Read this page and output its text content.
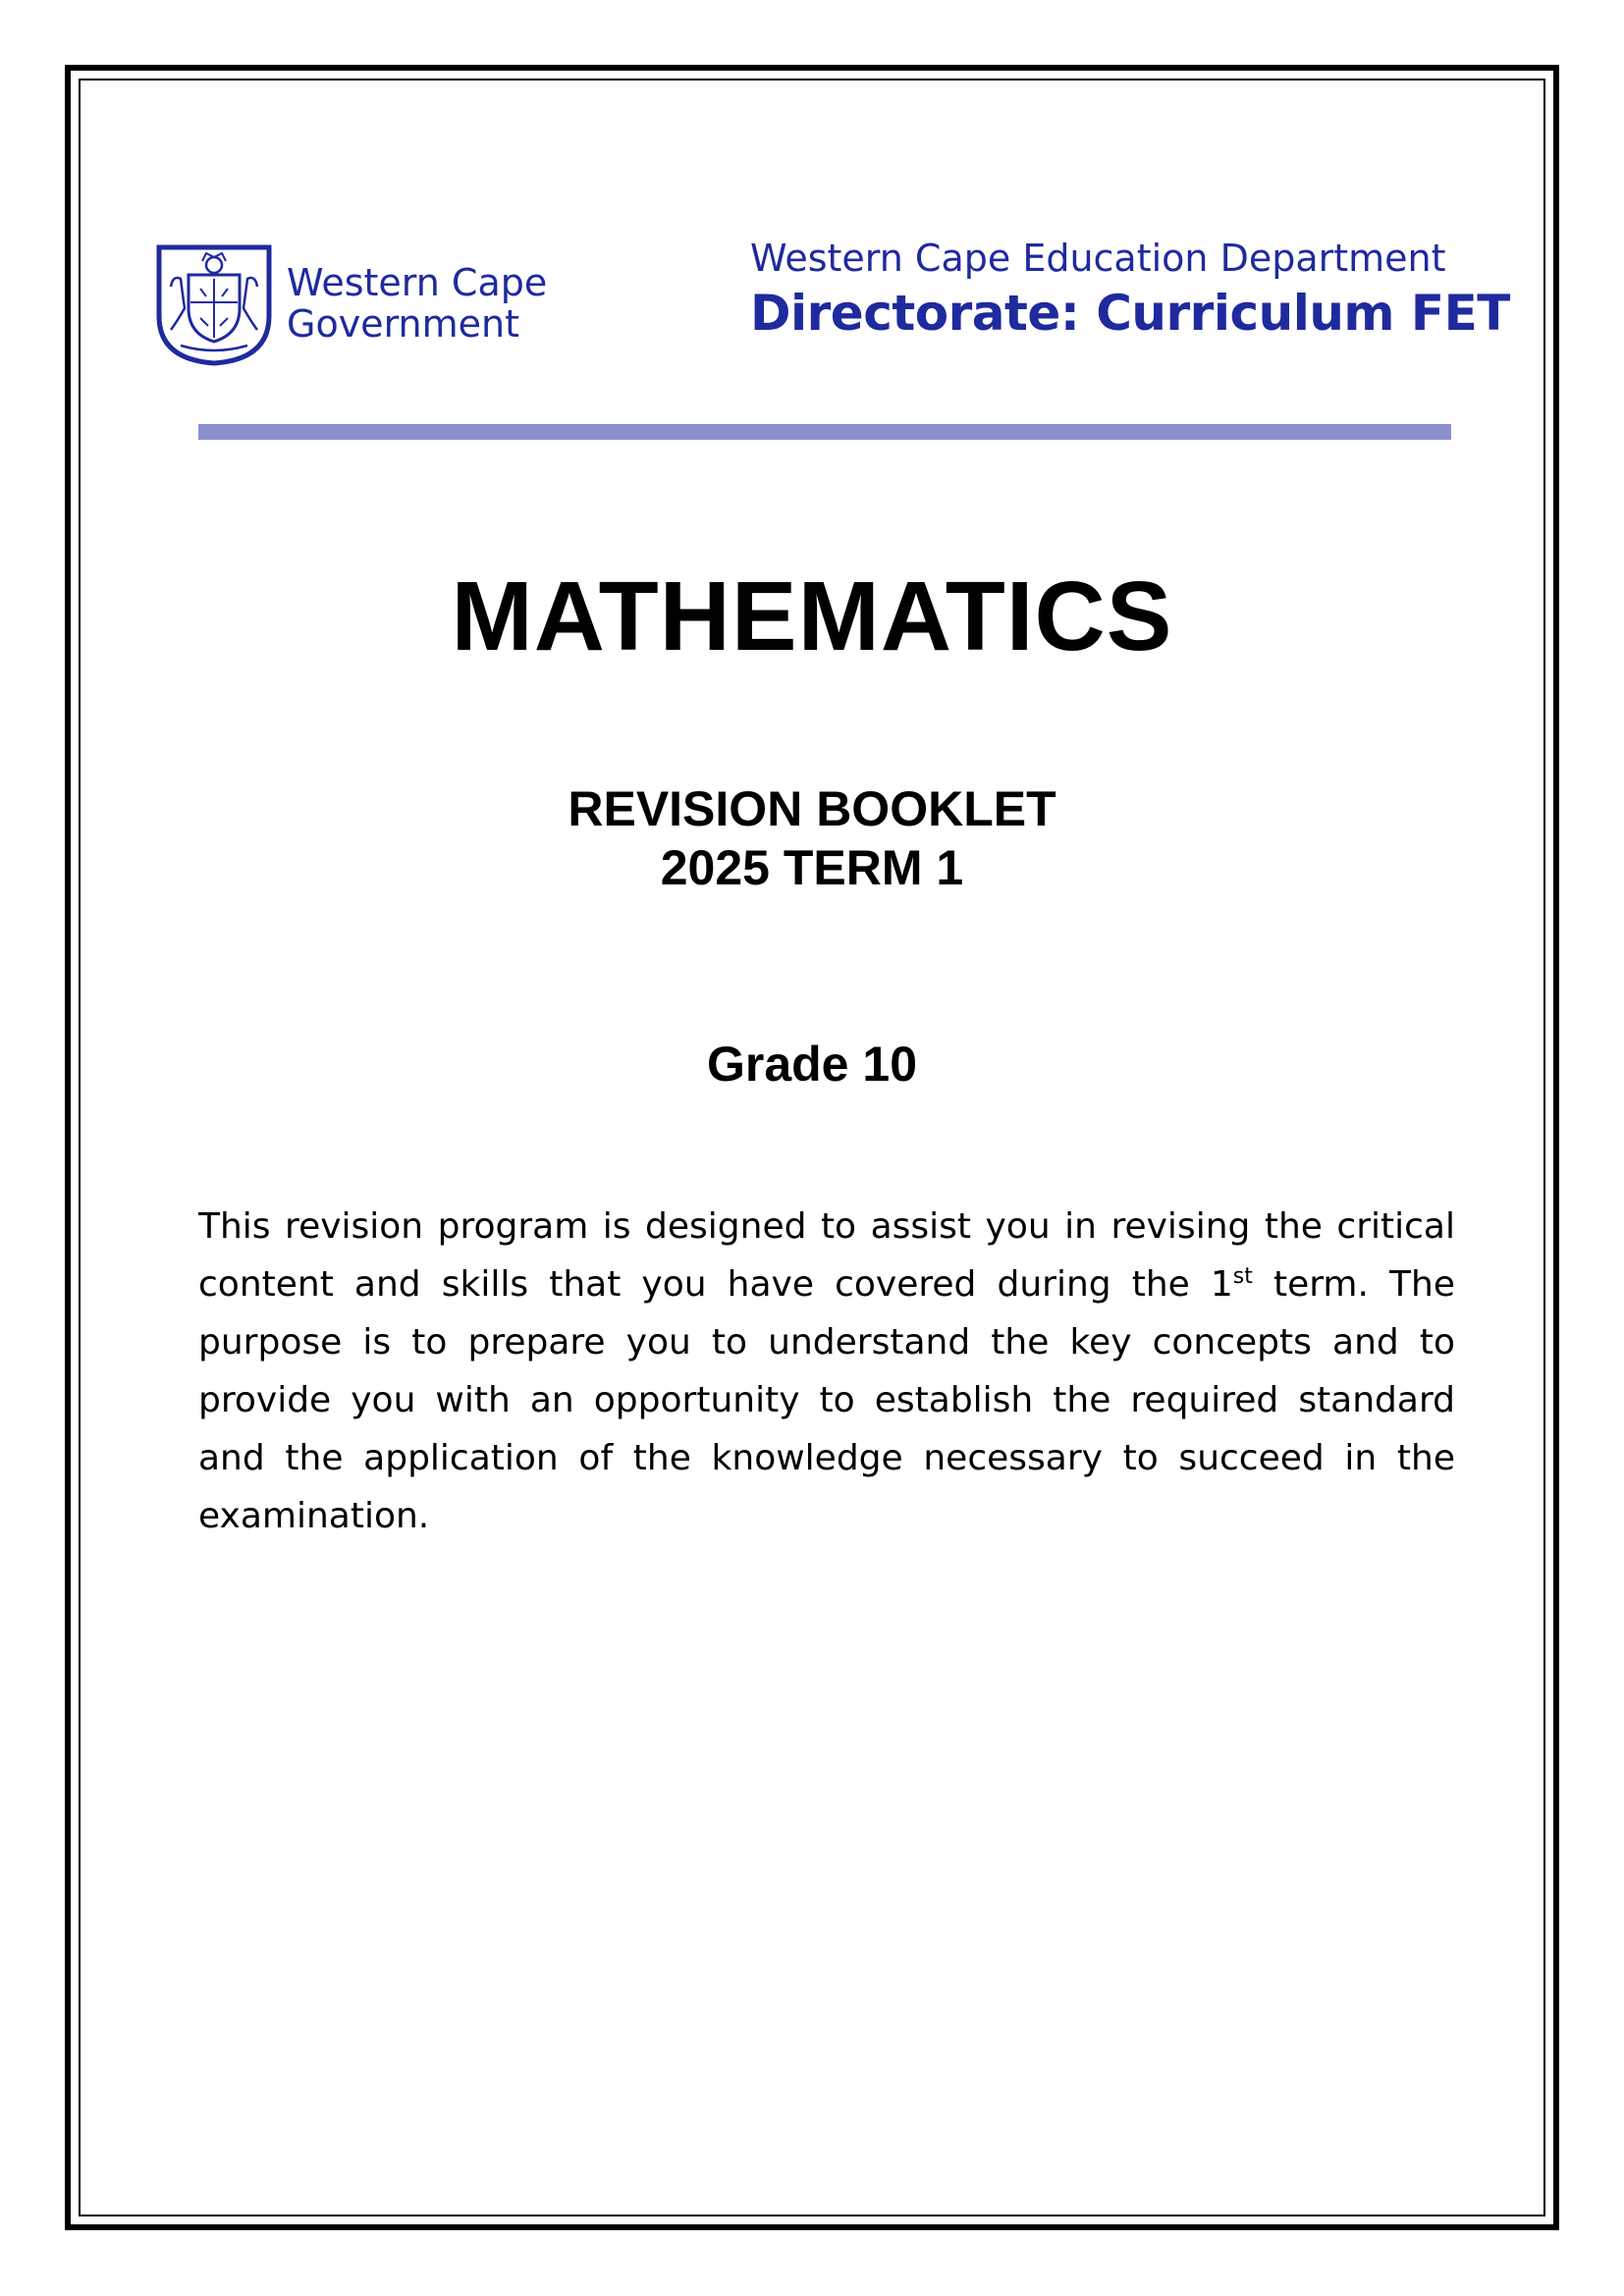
Western Cape
Government
Western Cape Education Department
Directorate: Curriculum FET
MATHEMATICS
REVISION BOOKLET
2025 TERM 1
Grade 10
This revision program is designed to assist you in revising the critical content and skills that you have covered during the 1st term. The purpose is to prepare you to understand the key concepts and to provide you with an opportunity to establish the required standard and the application of the knowledge necessary to succeed in the examination.
